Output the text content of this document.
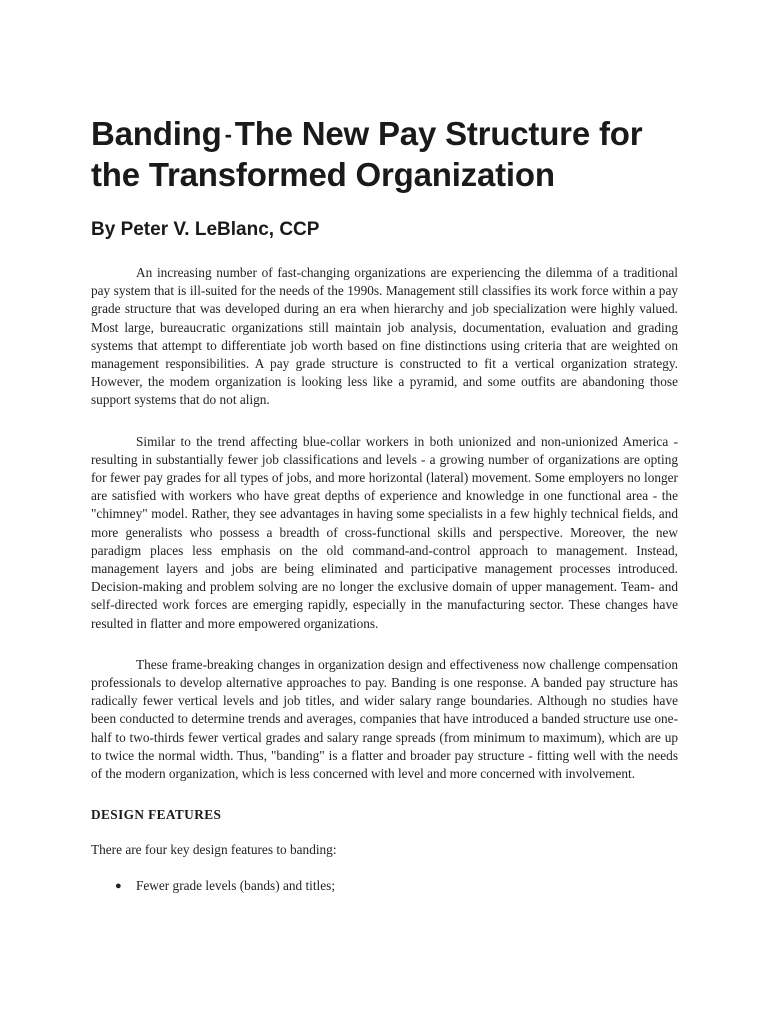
Banding -The New Pay Structure for the Transformed Organization
By Peter V. LeBlanc, CCP

An increasing number of fast-changing organizations are experiencing the dilemma of a traditional pay system that is ill-suited for the needs of the 1990s. Management still classifies its work force within a pay grade structure that was developed during an era when hierarchy and job specialization were highly valued. Most large, bureaucratic organizations still maintain job analysis, documentation, evaluation and grading systems that attempt to differentiate job worth based on fine distinctions using criteria that are weighted on management responsibilities. A pay grade structure is constructed to fit a vertical organization strategy. However, the modem organization is looking less like a pyramid, and some outfits are abandoning those support systems that do not align.

Similar to the trend affecting blue-collar workers in both unionized and non-unionized America - resulting in substantially fewer job classifications and levels - a growing number of organizations are opting for fewer pay grades for all types of jobs, and more horizontal (lateral) movement. Some employers no longer are satisfied with workers who have great depths of experience and knowledge in one functional area - the "chimney" model. Rather, they see advantages in having some specialists in a few highly technical fields, and more generalists who possess a breadth of cross-functional skills and perspective. Moreover, the new paradigm places less emphasis on the old command-and-control approach to management. Instead, management layers and jobs are being eliminated and participative management processes introduced. Decision-making and problem solving are no longer the exclusive domain of upper management. Team- and self-directed work forces are emerging rapidly, especially in the manufacturing sector. These changes have resulted in flatter and more empowered organizations.

These frame-breaking changes in organization design and effectiveness now challenge compensation professionals to develop alternative approaches to pay. Banding is one response. A banded pay structure has radically fewer vertical levels and job titles, and wider salary range boundaries. Although no studies have been conducted to determine trends and averages, companies that have introduced a banded structure use one-half to two-thirds fewer vertical grades and salary range spreads (from minimum to maximum), which are up to twice the normal width. Thus, "banding" is a flatter and broader pay structure - fitting well with the needs of the modern organization, which is less concerned with level and more concerned with involvement.

DESIGN FEATURES

There are four key design features to banding:

● Fewer grade levels (bands) and titles;
